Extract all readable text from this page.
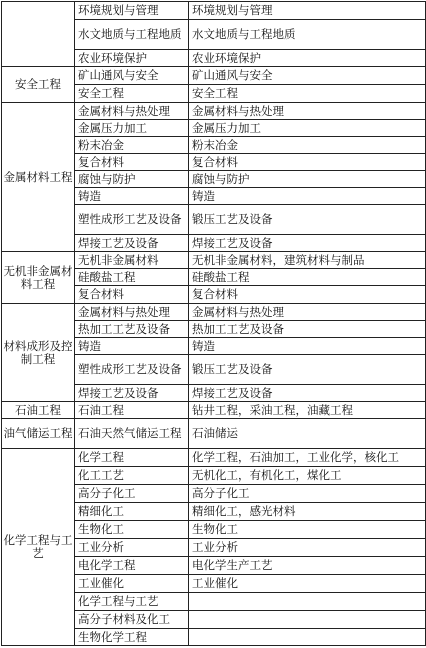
	环境规划与管理	环境规划与管理
	水文地质与工程地质	水文地质与工程地质
	农业环境保护	农业环境保护
安全工程	矿山通风与安全	矿山通风与安全
	安全工程	安全工程
金属材料工程	金属材料与热处理	金属材料与热处理
	金属压力加工	金属压力加工
	粉末冶金	粉末冶金
	复合材料	复合材料
	腐蚀与防护	腐蚀与防护
	铸造	铸造
	塑性成形工艺及设备	锻压工艺及设备
	焊接工艺及设备	焊接工艺及设备
无机非金属材料工程	无机非金属材料	无机非金属材料，建筑材料与制品
	硅酸盐工程	硅酸盐工程
	复合材料	复合材料
材料成形及控制工程	金属材料与热处理	金属材料与热处理
	热加工工艺及设备	热加工工艺及设备
	铸造	铸造
	塑性成形工艺及设备	锻压工艺及设备
	焊接工艺及设备	焊接工艺及设备
石油工程	石油工程	钻井工程，采油工程，油藏工程
油气储运工程	石油天然气储运工程	石油储运
化学工程与工艺	化学工程	化学工程，石油加工，工业化学，核化工
	化工工艺	无机化工，有机化工，煤化工
	高分子化工	高分子化工
	精细化工	精细化工，感光材料
	生物化工	生物化工
	工业分析	工业分析
	电化学工程	电化学生产工艺
	工业催化	工业催化
	化学工程与工艺	
	高分子材料及化工	
	生物化学工程	
